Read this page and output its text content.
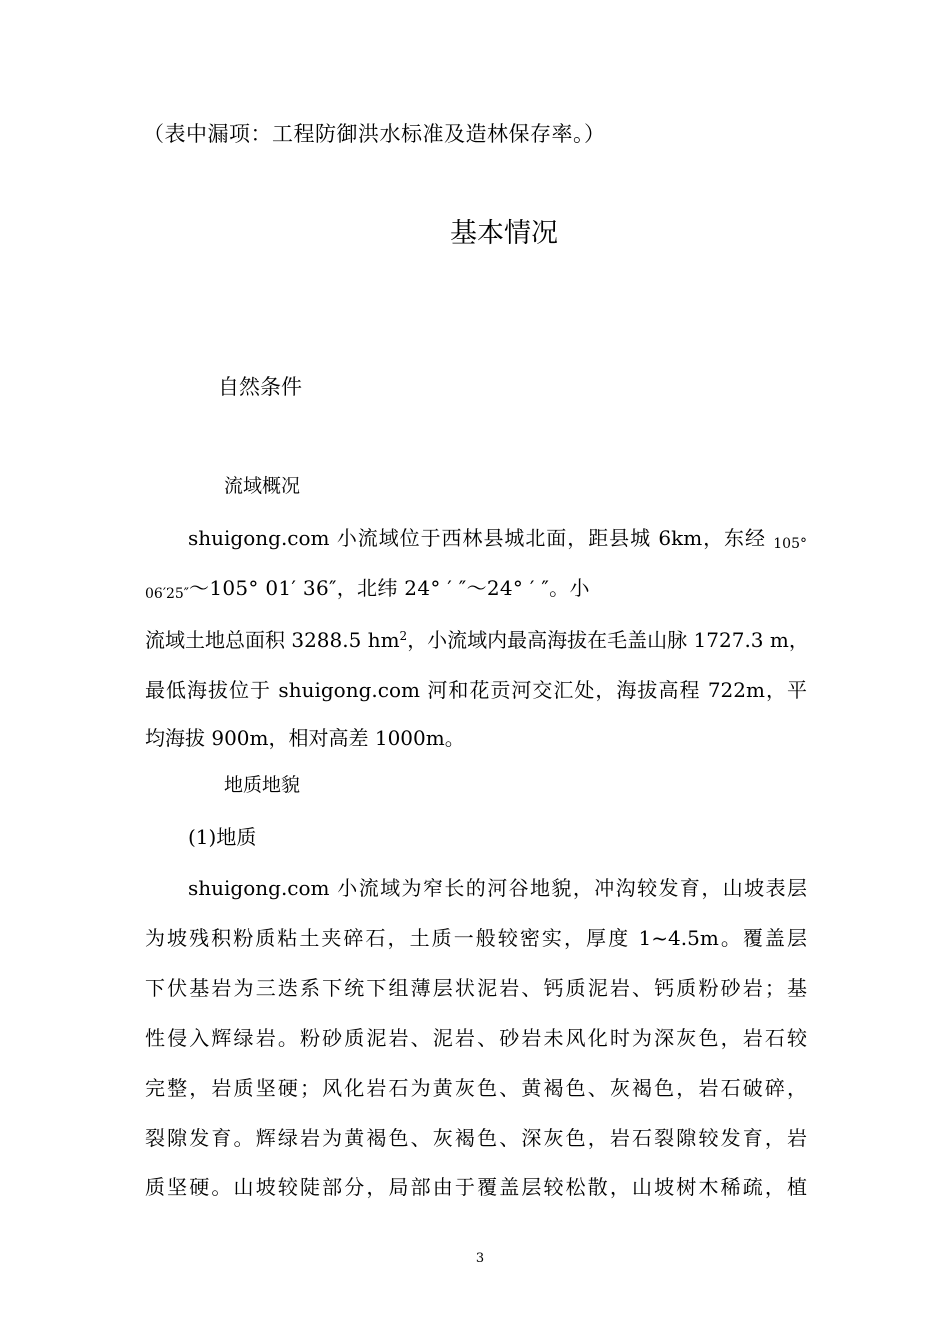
（表中漏项：工程防御洪水标准及造林保存率。）
基本情况
自然条件
流域概况
shuigong.com 小流域位于西林县城北面，距县城 6km，东经 $_{105^\circ}$
$_{06'25''}$～105° 01′ 36″，北纬 24° ′ ″～24° ′ ″。小
流域土地总面积 3288.5 $hm^2$，小流域内最高海拔在毛盖山脉 1727.3 m，
最低海拔位于 shuigong.com 河和花贡河交汇处，海拔高程 722m，平
均海拔 900m，相对高差 1000m。
地质地貌
(1)地质
shuigong.com 小流域为窄长的河谷地貌，冲沟较发育，山坡表层
为坡残积粉质粘土夹碎石，土质一般较密实，厚度 1~4.5m。覆盖层
下伏基岩为三迭系下统下组薄层状泥岩、钙质泥岩、钙质粉砂岩；基
性侵入辉绿岩。粉砂质泥岩、泥岩、砂岩未风化时为深灰色，岩石较
完整，岩质坚硬；风化岩石为黄灰色、黄褐色、灰褐色，岩石破碎，
裂隙发育。辉绿岩为黄褐色、灰褐色、深灰色，岩石裂隙较发育，岩
质坚硬。山坡较陡部分，局部由于覆盖层较松散，山坡树木稀疏，植
3
